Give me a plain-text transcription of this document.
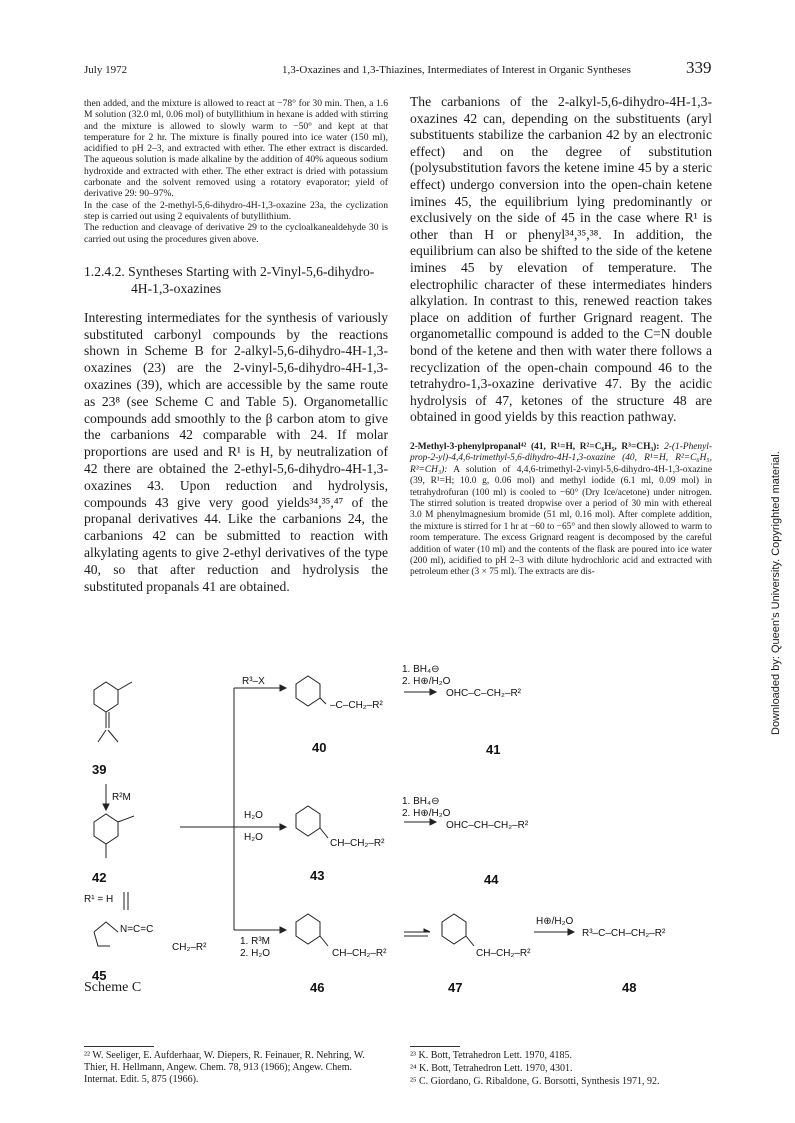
July 1972	1,3-Oxazines and 1,3-Thiazines, Intermediates of Interest in Organic Syntheses	339

then added, and the mixture is allowed to react at −78° for 30 min. Then, a 1.6 M solution (32.0 ml, 0.06 mol) of butyllithium in hexane is added with stirring and the mixture is allowed to slowly warm to −50° and kept at that temperature for 2 hr. The mixture is finally poured into ice water (150 ml), acidified to pH 2–3, and extracted with ether. The ether extract is discarded. The aqueous solution is made alkaline by the addition of 40% aqueous sodium hydroxide and extracted with ether. The ether extract is dried with potassium carbonate and the solvent removed using a rotatory evaporator; yield of derivative 29: 90–97%.

In the case of the 2-methyl-5,6-dihydro-4H-1,3-oxazine 23a, the cyclization step is carried out using 2 equivalents of butyllithium.

The reduction and cleavage of derivative 29 to the cycloalkanealdehyde 30 is carried out using the procedures given above.

1.2.4.2. Syntheses Starting with 2-Vinyl-5,6-dihydro-
4H-1,3-oxazines

Interesting intermediates for the synthesis of variously substituted carbonyl compounds by the reactions shown in Scheme B for 2-alkyl-5,6-dihydro-4H-1,3-oxazines (23) are the 2-vinyl-5,6-dihydro-4H-1,3-oxazines (39), which are accessible by the same route as 23⁸ (see Scheme C and Table 5). Organometallic compounds add smoothly to the β carbon atom to give the carbanions 42 comparable with 24. If molar proportions are used and R¹ is H, by neutralization of 42 there are obtained the 2-ethyl-5,6-dihydro-4H-1,3-oxazines 43. Upon reduction and hydrolysis, compounds 43 give very good yields³⁴,³⁵,⁴⁷ of the propanal derivatives 44. Like the carbanions 24, the carbanions 42 can be submitted to reaction with alkylating agents to give 2-ethyl derivatives of the type 40, so that after reduction and hydrolysis the substituted propanals 41 are obtained.

The carbanions of the 2-alkyl-5,6-dihydro-4H-1,3-oxazines 42 can, depending on the substituents (aryl substituents stabilize the carbanion 42 by an electronic effect) and on the degree of substitution (polysubstitution favors the ketene imine 45 by a steric effect) undergo conversion into the open-chain ketene imines 45, the equilibrium lying predominantly or exclusively on the side of 45 in the case where R¹ is other than H or phenyl³⁴,³⁵,³⁸. In addition, the equilibrium can also be shifted to the side of the ketene imines 45 by elevation of temperature. The electrophilic character of these intermediates hinders alkylation. In contrast to this, renewed reaction takes place on addition of further Grignard reagent. The organometallic compound is added to the C=N double bond of the ketene and then with water there follows a recyclization of the open-chain compound 46 to the tetrahydro-1,3-oxazine derivative 47. By the acidic hydrolysis of 47, ketones of the structure 48 are obtained in good yields by this reaction pathway.

2-Methyl-3-phenylpropanal⁴² (41, R¹=H, R²=C₆H₅, R³=CH₃): 2-(1-Phenyl-prop-2-yl)-4,4,6-trimethyl-5,6-dihydro-4H-1,3-oxazine (40, R¹=H, R²=C₆H₅, R³=CH₃): A solution of 4,4,6-trimethyl-2-vinyl-5,6-dihydro-4H-1,3-oxazine (39, R¹=H; 10.0 g, 0.06 mol) and methyl iodide (6.1 ml, 0.09 mol) in tetrahydrofuran (100 ml) is cooled to −60° (Dry Ice/acetone) under nitrogen. The stirred solution is treated dropwise over a period of 30 min with ethereal 3.0 M phenylmagnesium bromide (51 ml, 0.16 mol). After complete addition, the mixture is stirred for 1 hr at −60 to −65° and then slowly allowed to warm to room temperature. The excess Grignard reagent is decomposed by the careful addition of water (10 ml) and the contents of the flask are poured into ice water (200 ml), acidified to pH 2–3 with dilute hydrochloric acid and extracted with petroleum ether (3 × 75 ml). The extracts are dis-	Downloaded by: Queen's University. Copyrighted material.
39
R²M
42
R¹ = H
N=C=C
CH₂–R²
45
R³–X
H₂O
H₂O
1. R³M
2. H₂O
–C–CH₂–R²
40
1. BH₄⊖
2. H⊕/H₂O
OHC–C–CH₂–R²
41
CH–CH₂–R²
43
1. BH₄⊖
2. H⊕/H₂O
OHC–CH–CH₂–R²
44
CH–CH₂–R²
46
CH–CH₂–R²
47
H⊕/H₂O
R³–C–CH–CH₂–R²
48
Scheme C

²² W. Seeliger, E. Aufderhaar, W. Diepers, R. Feinauer, R. Nehring, W. Thier, H. Hellmann, Angew. Chem. 78, 913 (1966); Angew. Chem. Internat. Edit. 5, 875 (1966).

²³ K. Bott, Tetrahedron Lett. 1970, 4185.

²⁴ K. Bott, Tetrahedron Lett. 1970, 4301.

²⁵ C. Giordano, G. Ribaldone, G. Borsotti, Synthesis 1971, 92.
